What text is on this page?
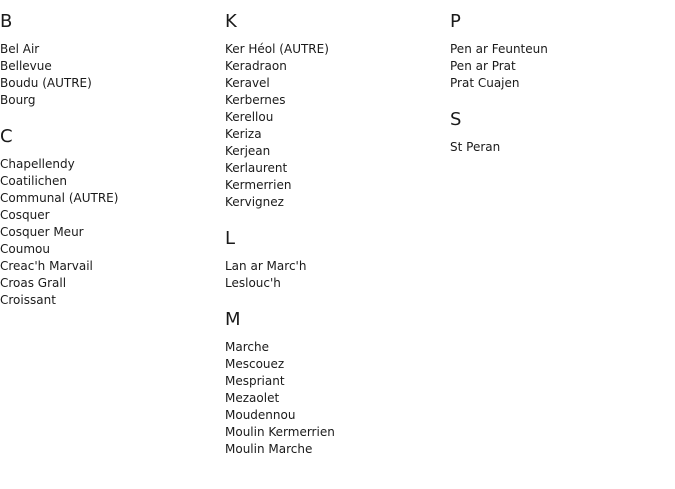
B
Bel Air
Bellevue
Boudu (AUTRE)
Bourg
C
Chapellendy
Coatilichen
Communal (AUTRE)
Cosquer
Cosquer Meur
Coumou
Creac'h Marvail
Croas Grall
Croissant
K
Ker Héol (AUTRE)
Keradraon
Keravel
Kerbernes
Kerellou
Keriza
Kerjean
Kerlaurent
Kermerrien
Kervignez
L
Lan ar Marc'h
Leslouc'h
M
Marche
Mescouez
Mespriant
Mezaolet
Moudennou
Moulin Kermerrien
Moulin Marche
P
Pen ar Feunteun
Pen ar Prat
Prat Cuajen
S
St Peran
